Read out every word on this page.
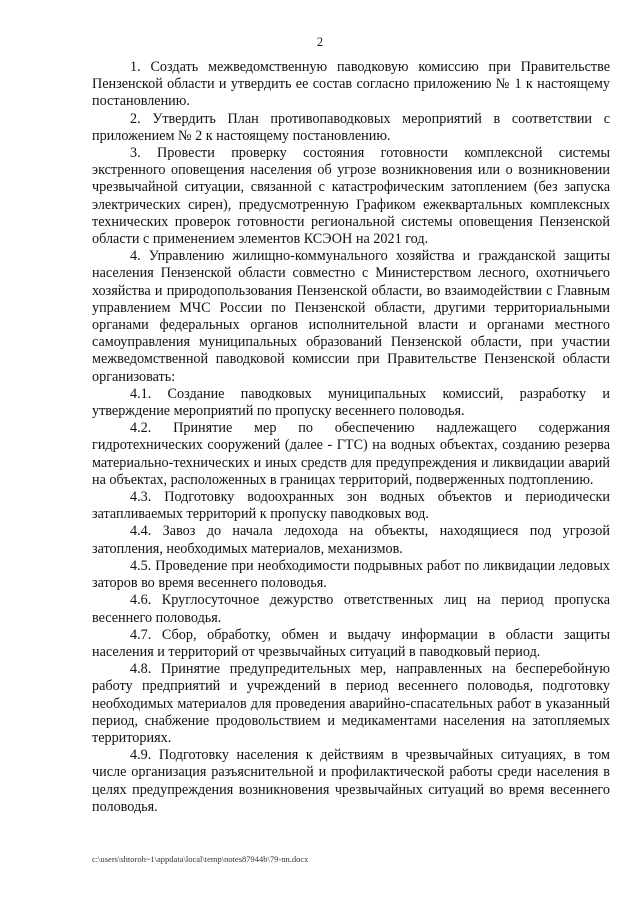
2

1. Создать межведомственную паводковую комиссию при Правительстве Пензенской области и утвердить ее состав согласно приложению № 1 к настоящему постановлению.

2. Утвердить План противопаводковых мероприятий в соответствии с приложением № 2 к настоящему постановлению.

3. Провести проверку состояния готовности комплексной системы экстренного оповещения населения об угрозе возникновения или о возникновении чрезвычайной ситуации, связанной с катастрофическим затоплением (без запуска электрических сирен), предусмотренную Графиком ежеквартальных комплексных технических проверок готовности региональной системы оповещения Пензенской области с применением элементов КСЭОН на 2021 год.

4. Управлению жилищно-коммунального хозяйства и гражданской защиты населения Пензенской области совместно с Министерством лесного, охотничьего хозяйства и природопользования Пензенской области, во взаимодействии с Главным управлением МЧС России по Пензенской области, другими территориальными органами федеральных органов исполнительной власти и органами местного самоуправления муниципальных образований Пензенской области, при участии межведомственной паводковой комиссии при Правительстве Пензенской области организовать:

4.1. Создание паводковых муниципальных комиссий, разработку и утверждение мероприятий по пропуску весеннего половодья.

4.2. Принятие мер по обеспечению надлежащего содержания гидротехнических сооружений (далее - ГТС) на водных объектах, созданию резерва материально-технических и иных средств для предупреждения и ликвидации аварий на объектах, расположенных в границах территорий, подверженных подтоплению.

4.3. Подготовку водоохранных зон водных объектов и периодически затапливаемых территорий к пропуску паводковых вод.

4.4. Завоз до начала ледохода на объекты, находящиеся под угрозой затопления, необходимых материалов, механизмов.

4.5. Проведение при необходимости подрывных работ по ликвидации ледовых заторов во время весеннего половодья.

4.6. Круглосуточное дежурство ответственных лиц на период пропуска весеннего половодья.

4.7. Сбор, обработку, обмен и выдачу информации в области защиты населения и территорий от чрезвычайных ситуаций в паводковый период.

4.8. Принятие предупредительных мер, направленных на бесперебойную работу предприятий и учреждений в период весеннего половодья, подготовку необходимых материалов для проведения аварийно-спасательных работ в указанный период, снабжение продовольствием и медикаментами населения на затопляемых территориях.

4.9. Подготовку населения к действиям в чрезвычайных ситуациях, в том числе организация разъяснительной и профилактической работы среди населения в целях предупреждения возникновения чрезвычайных ситуаций во время весеннего половодья.

c:\users\shtoroh~1\appdata\local\temp\notes87944b\79-nn.docx
